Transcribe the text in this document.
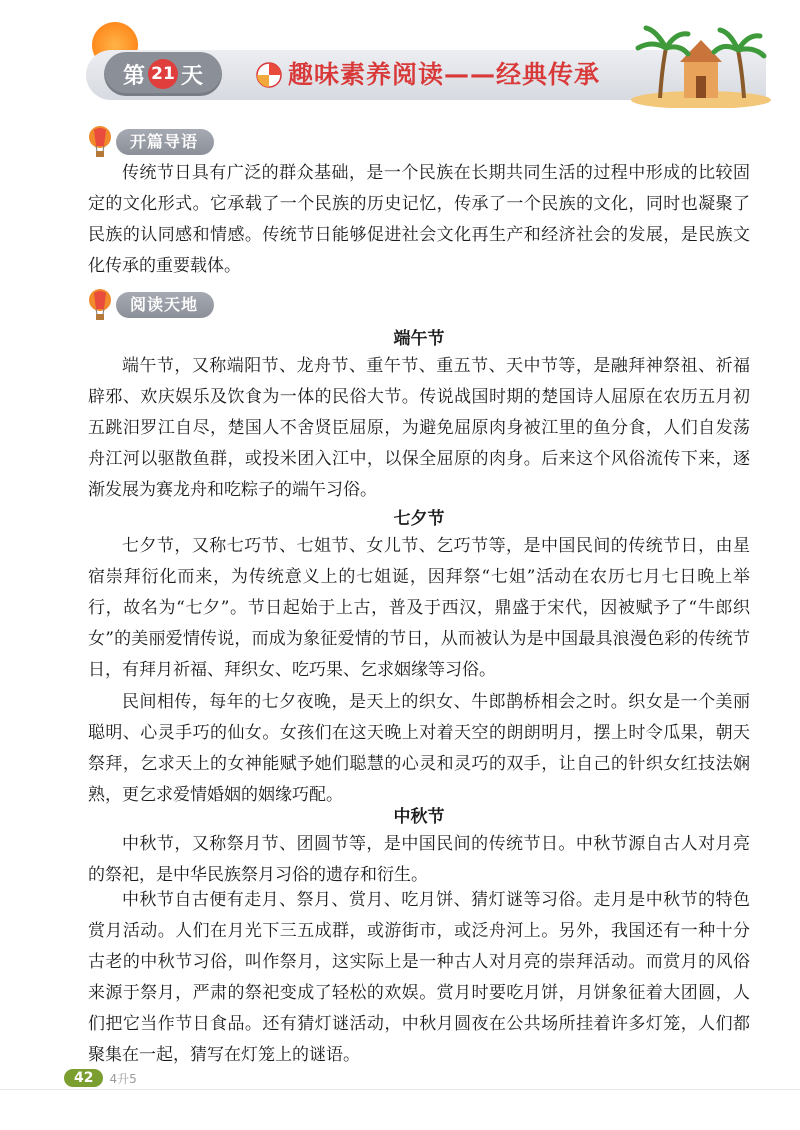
第 21 天	趣味素养阅读——经典传承
开篇导语

传统节日具有广泛的群众基础，是一个民族在长期共同生活的过程中形成的比较固定的文化形式。它承载了一个民族的历史记忆，传承了一个民族的文化，同时也凝聚了民族的认同感和情感。传统节日能够促进社会文化再生产和经济社会的发展，是民族文化传承的重要载体。

阅读天地
端午节

端午节，又称端阳节、龙舟节、重午节、重五节、天中节等，是融拜神祭祖、祈福辟邪、欢庆娱乐及饮食为一体的民俗大节。传说战国时期的楚国诗人屈原在农历五月初五跳汨罗江自尽，楚国人不舍贤臣屈原，为避免屈原肉身被江里的鱼分食，人们自发荡舟江河以驱散鱼群，或投米团入江中，以保全屈原的肉身。后来这个风俗流传下来，逐渐发展为赛龙舟和吃粽子的端午习俗。

七夕节

七夕节，又称七巧节、七姐节、女儿节、乞巧节等，是中国民间的传统节日，由星宿崇拜衍化而来，为传统意义上的七姐诞，因拜祭“七姐”活动在农历七月七日晚上举行，故名为“七夕”。节日起始于上古，普及于西汉，鼎盛于宋代，因被赋予了“牛郎织女”的美丽爱情传说，而成为象征爱情的节日，从而被认为是中国最具浪漫色彩的传统节日，有拜月祈福、拜织女、吃巧果、乞求姻缘等习俗。

民间相传，每年的七夕夜晚，是天上的织女、牛郎鹊桥相会之时。织女是一个美丽聪明、心灵手巧的仙女。女孩们在这天晚上对着天空的朗朗明月，摆上时令瓜果，朝天祭拜，乞求天上的女神能赋予她们聪慧的心灵和灵巧的双手，让自己的针织女红技法娴熟，更乞求爱情婚姻的姻缘巧配。

中秋节

中秋节，又称祭月节、团圆节等，是中国民间的传统节日。中秋节源自古人对月亮的祭祀，是中华民族祭月习俗的遗存和衍生。

中秋节自古便有走月、祭月、赏月、吃月饼、猜灯谜等习俗。走月是中秋节的特色赏月活动。人们在月光下三五成群，或游街市，或泛舟河上。另外，我国还有一种十分古老的中秋节习俗，叫作祭月，这实际上是一种古人对月亮的崇拜活动。而赏月的风俗来源于祭月，严肃的祭祀变成了轻松的欢娱。赏月时要吃月饼，月饼象征着大团圆，人们把它当作节日食品。还有猜灯谜活动，中秋月圆夜在公共场所挂着许多灯笼，人们都聚集在一起，猜写在灯笼上的谜语。

42	4升5
